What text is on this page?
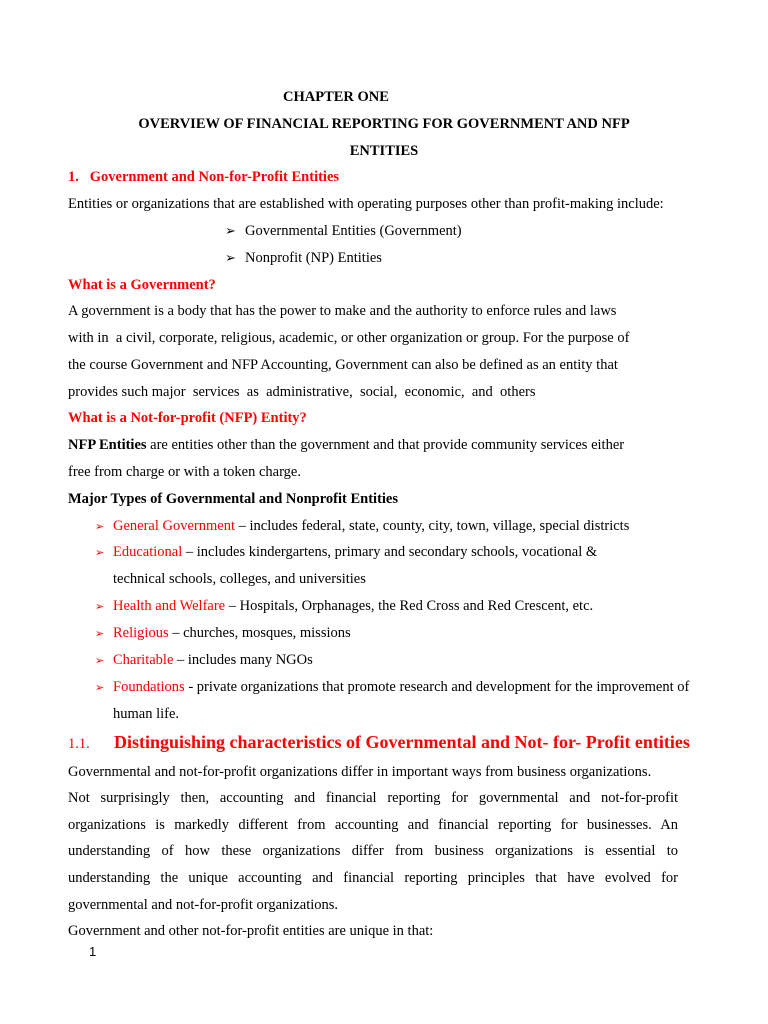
CHAPTER ONE
OVERVIEW OF FINANCIAL REPORTING FOR GOVERNMENT AND NFP
ENTITIES
1.   Government and Non-for-Profit Entities
Entities or organizations that are established with operating purposes other than profit-making include:
➢ Governmental Entities (Government)
➢ Nonprofit (NP) Entities
What is a Government?
A government is a body that has the power to make and the authority to enforce rules and laws
with in  a civil, corporate, religious, academic, or other organization or group. For the purpose of
the course Government and NFP Accounting, Government can also be defined as an entity that
provides such major  services  as  administrative,  social,  economic,  and  others
What is a Not-for-profit (NFP) Entity?
NFP Entities are entities other than the government and that provide community services either
free from charge or with a token charge.
Major Types of Governmental and Nonprofit Entities
➢ General Government – includes federal, state, county, city, town, village, special districts
➢ Educational – includes kindergartens, primary and secondary schools, vocational &
technical schools, colleges, and universities
➢ Health and Welfare – Hospitals, Orphanages, the Red Cross and Red Crescent, etc.
➢ Religious – churches, mosques, missions
➢ Charitable – includes many NGOs
➢ Foundations - private organizations that promote research and development for the improvement of
human life.
1.1. Distinguishing characteristics of Governmental and Not- for- Profit entities
Governmental and not-for-profit organizations differ in important ways from business organizations.
Not surprisingly then, accounting and financial reporting for governmental and not-for-profit
organizations is markedly different from accounting and financial reporting for businesses. An
understanding of how these organizations differ from business organizations is essential to
understanding the unique accounting and financial reporting principles that have evolved for
governmental and not-for-profit organizations.
Government and other not-for-profit entities are unique in that:
1
